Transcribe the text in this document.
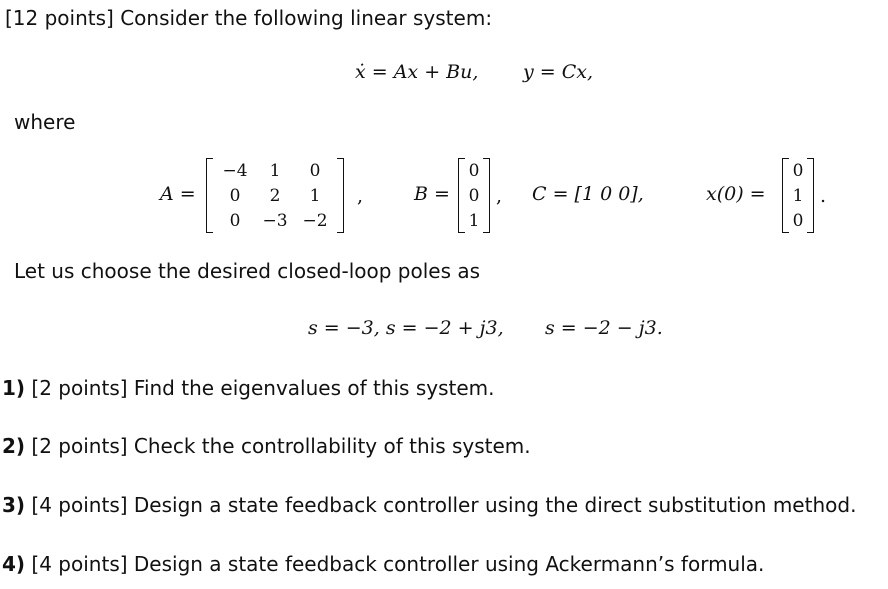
[12 points] Consider the following linear system:
ẋ = Ax + Bu, y = Cx,
where
A =
−4	1	0
0	2	1
0	−3 −2
,	B =
0
0
1
, C = [1 0 0],	x(0) =
0
1
0
.
Let us choose the desired closed-loop poles as
s = −3, s = −2 + j3, s = −2 − j3.
1) [2 points] Find the eigenvalues of this system.
2) [2 points] Check the controllability of this system.
3) [4 points] Design a state feedback controller using the direct substitution method.
4) [4 points] Design a state feedback controller using Ackermann’s formula.
